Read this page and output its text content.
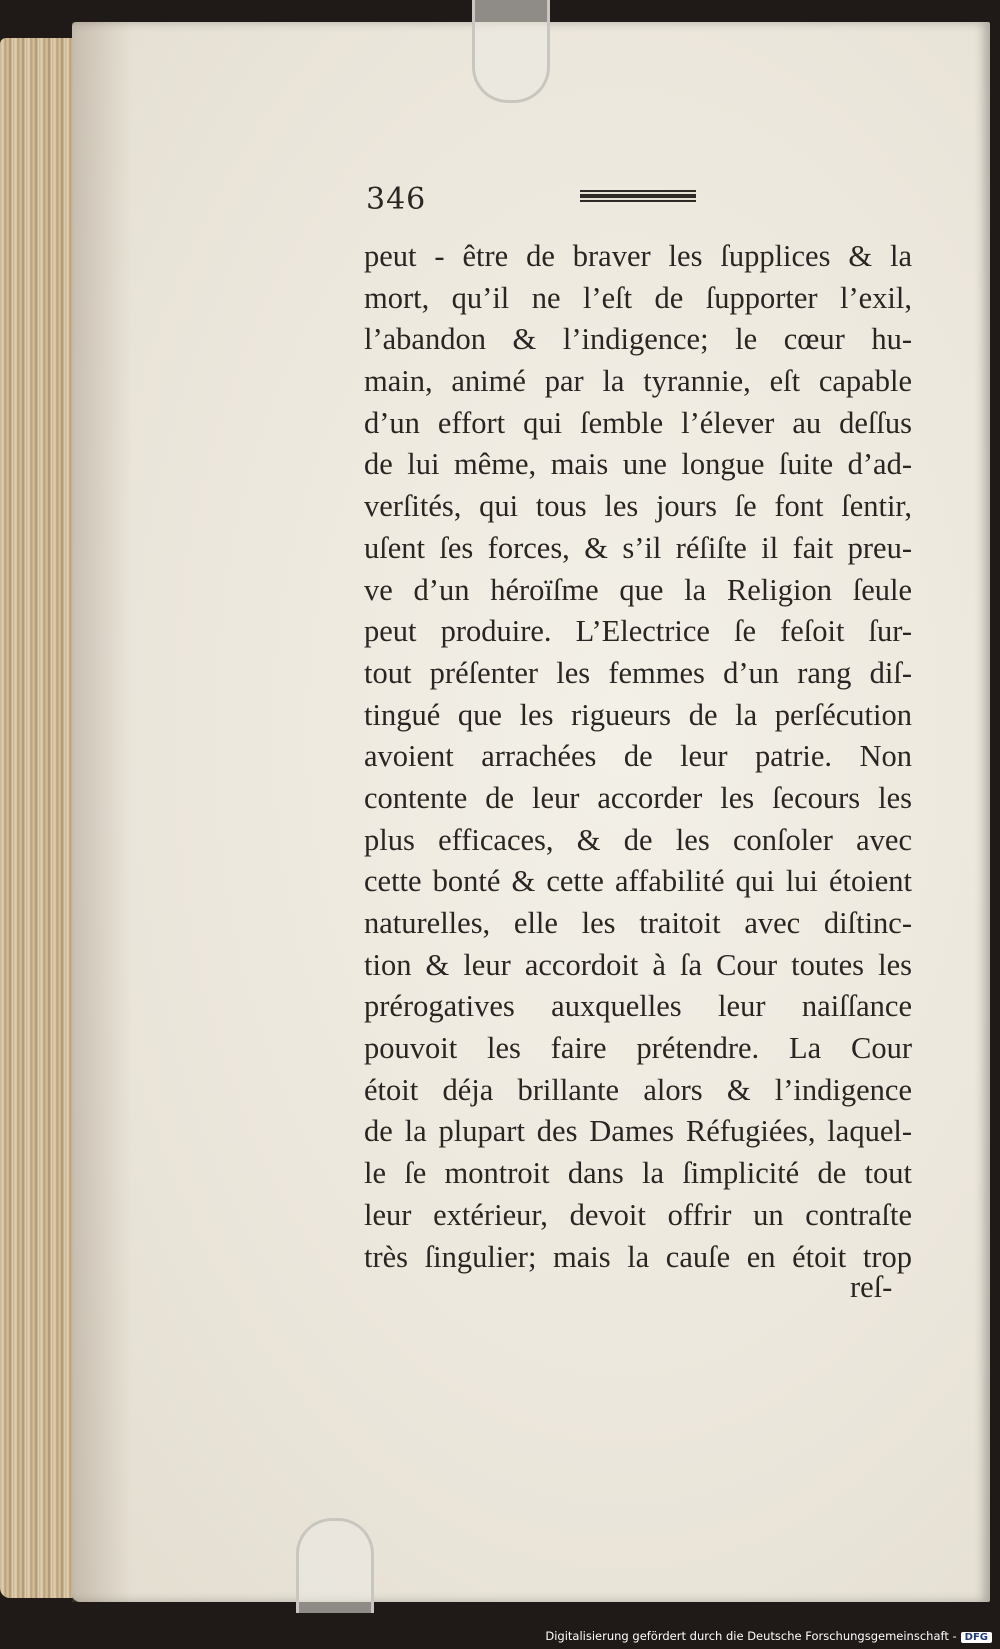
346
peut - être de braver les ſupplices & la
mort, qu’il ne l’eſt de ſupporter l’exil,
l’abandon & l’indigence; le cœur hu-
main, animé par la tyrannie, eſt capable
d’un effort qui ſemble l’élever au deſſus
de lui même, mais une longue ſuite d’ad-
verſités, qui tous les jours ſe font ſentir,
uſent ſes forces, & s’il réſiſte il fait preu-
ve d’un héroïſme que la Religion ſeule
peut produire. L’Electrice ſe feſoit ſur-
tout préſenter les femmes d’un rang diſ-
tingué que les rigueurs de la perſécution
avoient arrachées de leur patrie. Non
contente de leur accorder les ſecours les
plus efficaces, & de les conſoler avec
cette bonté & cette affabilité qui lui étoient
naturelles, elle les traitoit avec diſtinc-
tion & leur accordoit à ſa Cour toutes les
prérogatives auxquelles leur naiſſance
pouvoit les faire prétendre. La Cour
étoit déja brillante alors & l’indigence
de la plupart des Dames Réfugiées, laquel-
le ſe montroit dans la ſimplicité de tout
leur extérieur, devoit offrir un contraſte
très ſingulier; mais la cauſe en étoit trop
reſ-
Digitalisierung gefördert durch die Deutsche Forschungsgemeinschaft - DFG
